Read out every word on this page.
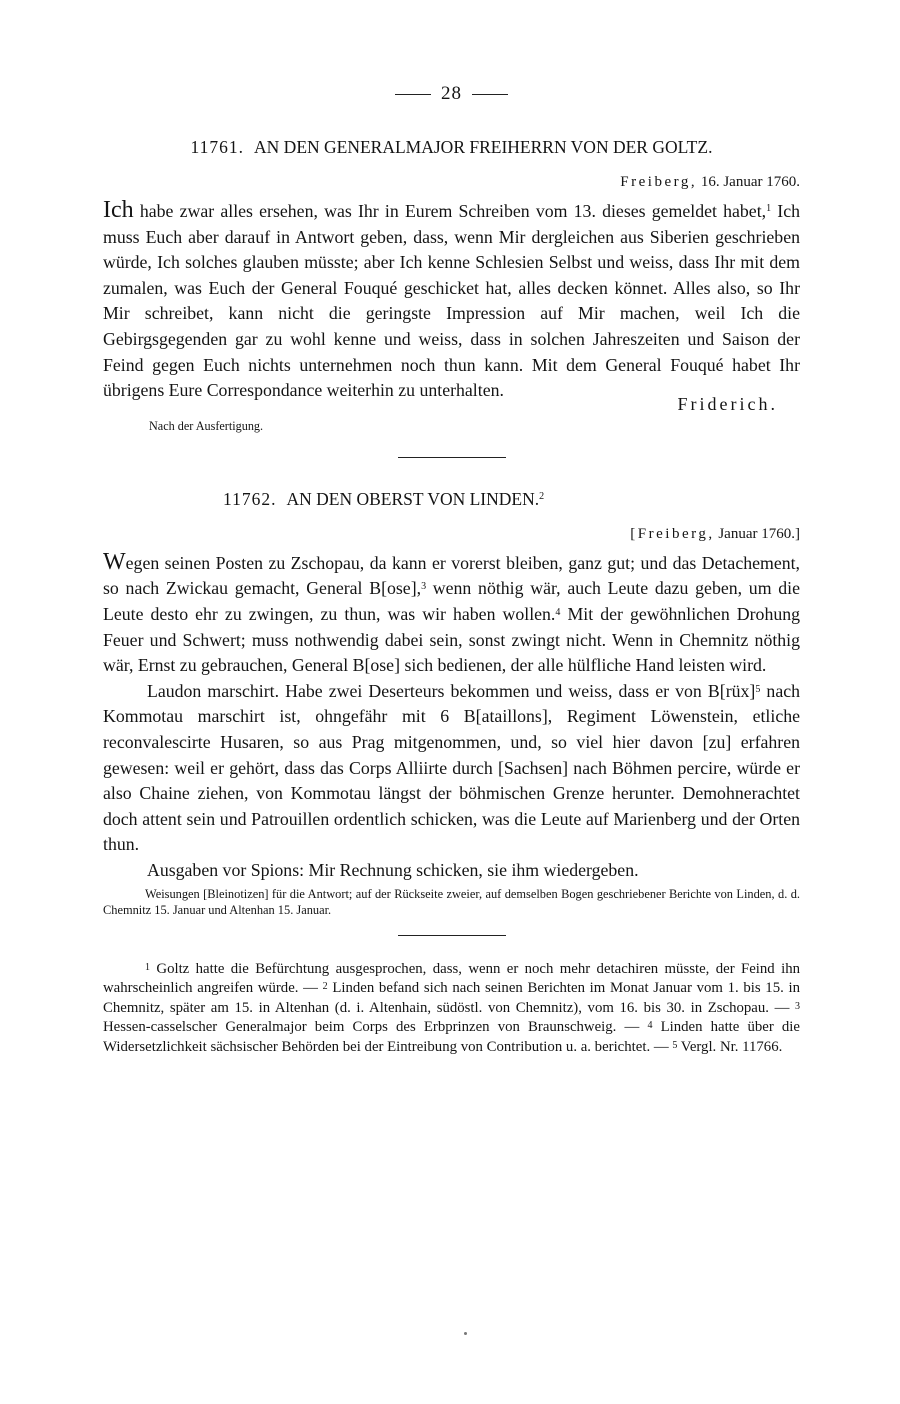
28
11761. AN DEN GENERALMAJOR FREIHERRN VON DER GOLTZ.
Freiberg, 16. Januar 1760.

Ich habe zwar alles ersehen, was Ihr in Eurem Schreiben vom 13. dieses gemeldet habet,$^1$ Ich muss Euch aber darauf in Antwort geben, dass, wenn Mir dergleichen aus Siberien geschrieben würde, Ich solches glauben müsste; aber Ich kenne Schlesien Selbst und weiss, dass Ihr mit dem zumalen, was Euch der General Fouqué geschicket hat, alles decken könnet. Alles also, so Ihr Mir schreibet, kann nicht die geringste Impression auf Mir machen, weil Ich die Gebirgsgegenden gar zu wohl kenne und weiss, dass in solchen Jahreszeiten und Saison der Feind gegen Euch nichts unternehmen noch thun kann. Mit dem General Fouqué habet Ihr übrigens Eure Correspondance weiterhin zu unterhalten.

Friderich.
Nach der Ausfertigung.
11762. AN DEN OBERST VON LINDEN.$^2$
[Freiberg, Januar 1760.]

Wegen seinen Posten zu Zschopau, da kann er vorerst bleiben, ganz gut; und das Detachement, so nach Zwickau gemacht, General B[ose],$^3$ wenn nöthig wär, auch Leute dazu geben, um die Leute desto ehr zu zwingen, zu thun, was wir haben wollen.$^4$ Mit der gewöhnlichen Drohung Feuer und Schwert; muss nothwendig dabei sein, sonst zwingt nicht. Wenn in Chemnitz nöthig wär, Ernst zu gebrauchen, General B[ose] sich bedienen, der alle hülfliche Hand leisten wird.

Laudon marschirt. Habe zwei Deserteurs bekommen und weiss, dass er von B[rüx]$^5$ nach Kommotau marschirt ist, ohngefähr mit 6 B[ataillons], Regiment Löwenstein, etliche reconvalescirte Husaren, so aus Prag mitgenommen, und, so viel hier davon [zu] erfahren gewesen: weil er gehört, dass das Corps Alliirte durch [Sachsen] nach Böhmen percire, würde er also Chaine ziehen, von Kommotau längst der böhmischen Grenze herunter. Demohnerachtet doch attent sein und Patrouillen ordentlich schicken, was die Leute auf Marienberg und der Orten thun.

Ausgaben vor Spions: Mir Rechnung schicken, sie ihm wiedergeben.

Weisungen [Bleinotizen] für die Antwort; auf der Rückseite zweier, auf demselben Bogen geschriebener Berichte von Linden, d. d. Chemnitz 15. Januar und Altenhan 15. Januar.

$^1$ Goltz hatte die Befürchtung ausgesprochen, dass, wenn er noch mehr detachiren müsste, der Feind ihn wahrscheinlich angreifen würde. — $^2$ Linden befand sich nach seinen Berichten im Monat Januar vom 1. bis 15. in Chemnitz, später am 15. in Altenhan (d. i. Altenhain, südöstl. von Chemnitz), vom 16. bis 30. in Zschopau. — $^3$ Hessen-casselscher Generalmajor beim Corps des Erbprinzen von Braunschweig. — $^4$ Linden hatte über die Widersetzlichkeit sächsischer Behörden bei der Eintreibung von Contribution u. a. berichtet. — $^5$ Vergl. Nr. 11766.
